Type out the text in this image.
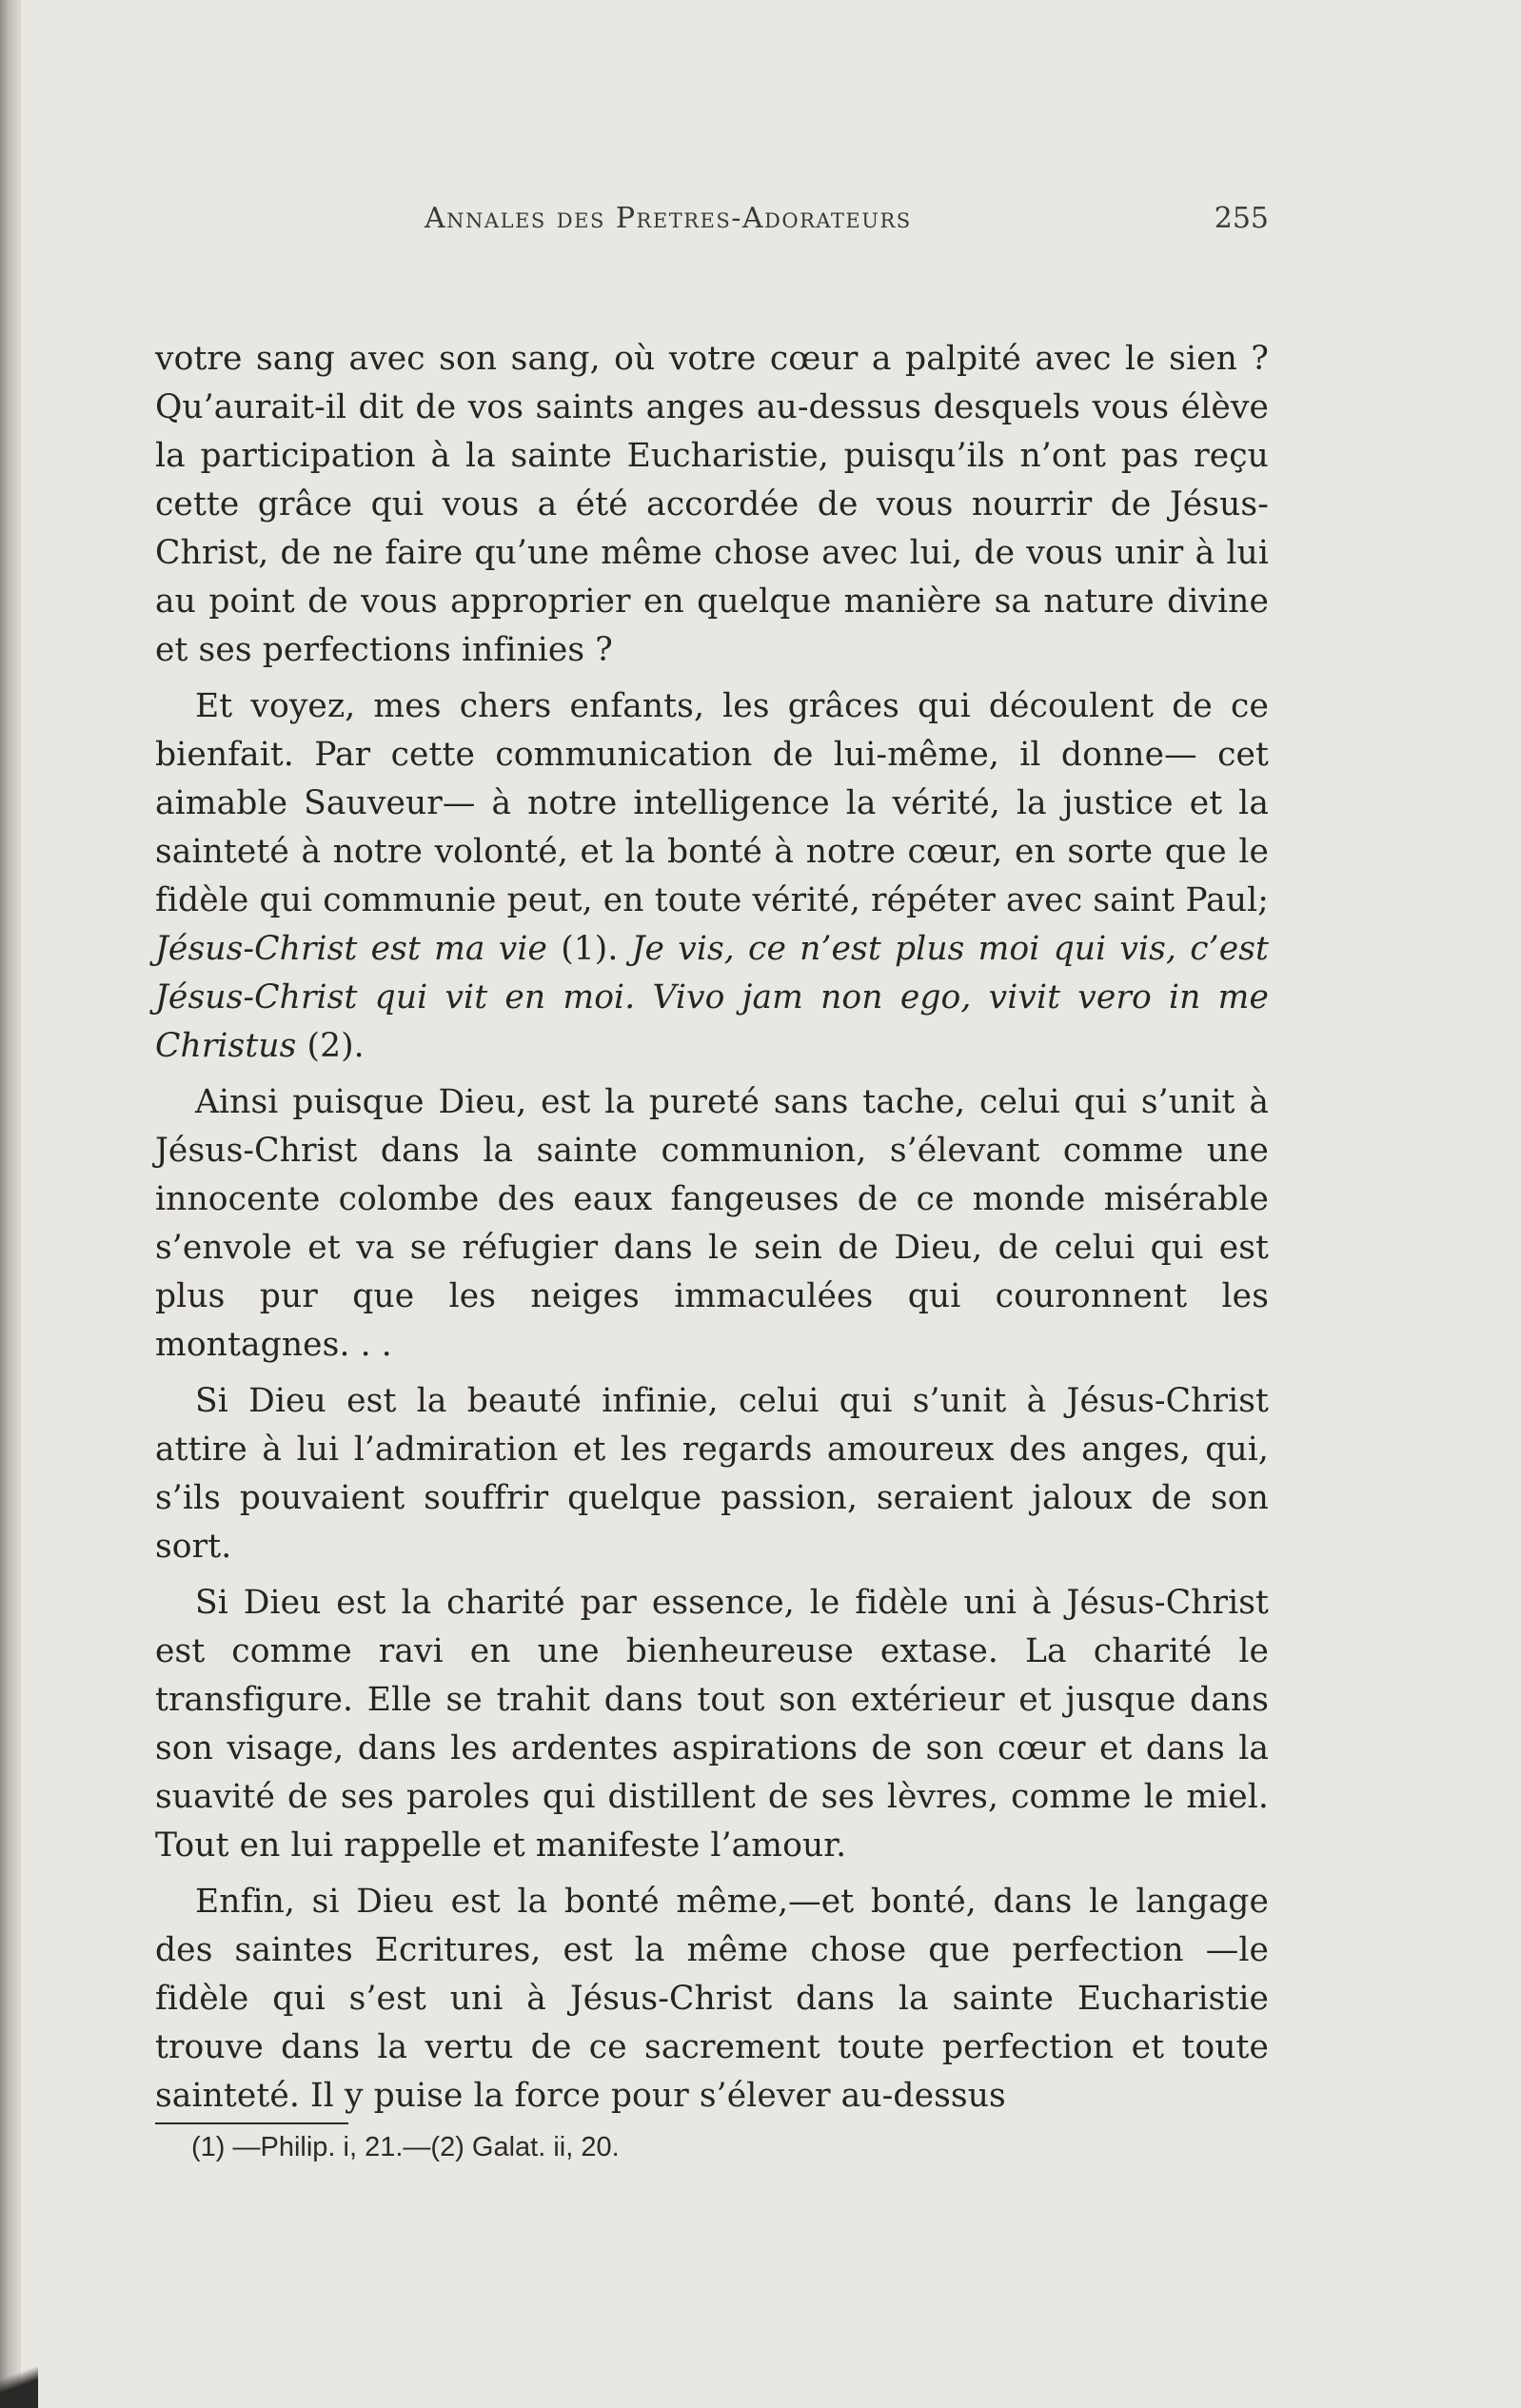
Annales des Pretres-Adorateurs	255

votre sang avec son sang, où votre cœur a palpité avec le sien ? Qu’aurait-il dit de vos saints anges au-dessus desquels vous élève la participation à la sainte Eucharistie, puisqu’ils n’ont pas reçu cette grâce qui vous a été accordée de vous nourrir de Jésus-Christ, de ne faire qu’une même chose avec lui, de vous unir à lui au point de vous approprier en quelque manière sa nature divine et ses perfections infinies ?

Et voyez, mes chers enfants, les grâces qui découlent de ce bienfait. Par cette communication de lui-même, il donne— cet aimable Sauveur— à notre intelligence la vérité, la justice et la sainteté à notre volonté, et la bonté à notre cœur, en sorte que le fidèle qui communie peut, en toute vérité, répéter avec saint Paul; Jésus-Christ est ma vie (1). Je vis, ce n’est plus moi qui vis, c’est Jésus-Christ qui vit en moi. Vivo jam non ego, vivit vero in me Christus (2).

Ainsi puisque Dieu, est la pureté sans tache, celui qui s’unit à Jésus-Christ dans la sainte communion, s’élevant comme une innocente colombe des eaux fangeuses de ce monde misérable s’envole et va se réfugier dans le sein de Dieu, de celui qui est plus pur que les neiges immaculées qui couronnent les montagnes. . .

Si Dieu est la beauté infinie, celui qui s’unit à Jésus-Christ attire à lui l’admiration et les regards amoureux des anges, qui, s’ils pouvaient souffrir quelque passion, seraient jaloux de son sort.

Si Dieu est la charité par essence, le fidèle uni à Jésus-Christ est comme ravi en une bienheureuse extase. La charité le transfigure. Elle se trahit dans tout son extérieur et jusque dans son visage, dans les ardentes aspirations de son cœur et dans la suavité de ses paroles qui distillent de ses lèvres, comme le miel. Tout en lui rappelle et manifeste l’amour.

Enfin, si Dieu est la bonté même,—et bonté, dans le langage des saintes Ecritures, est la même chose que perfection —le fidèle qui s’est uni à Jésus-Christ dans la sainte Eucharistie trouve dans la vertu de ce sacrement toute perfection et toute sainteté. Il y puise la force pour s’élever au-dessus

(1) —Philip. i, 21.—(2) Galat. ii, 20.
